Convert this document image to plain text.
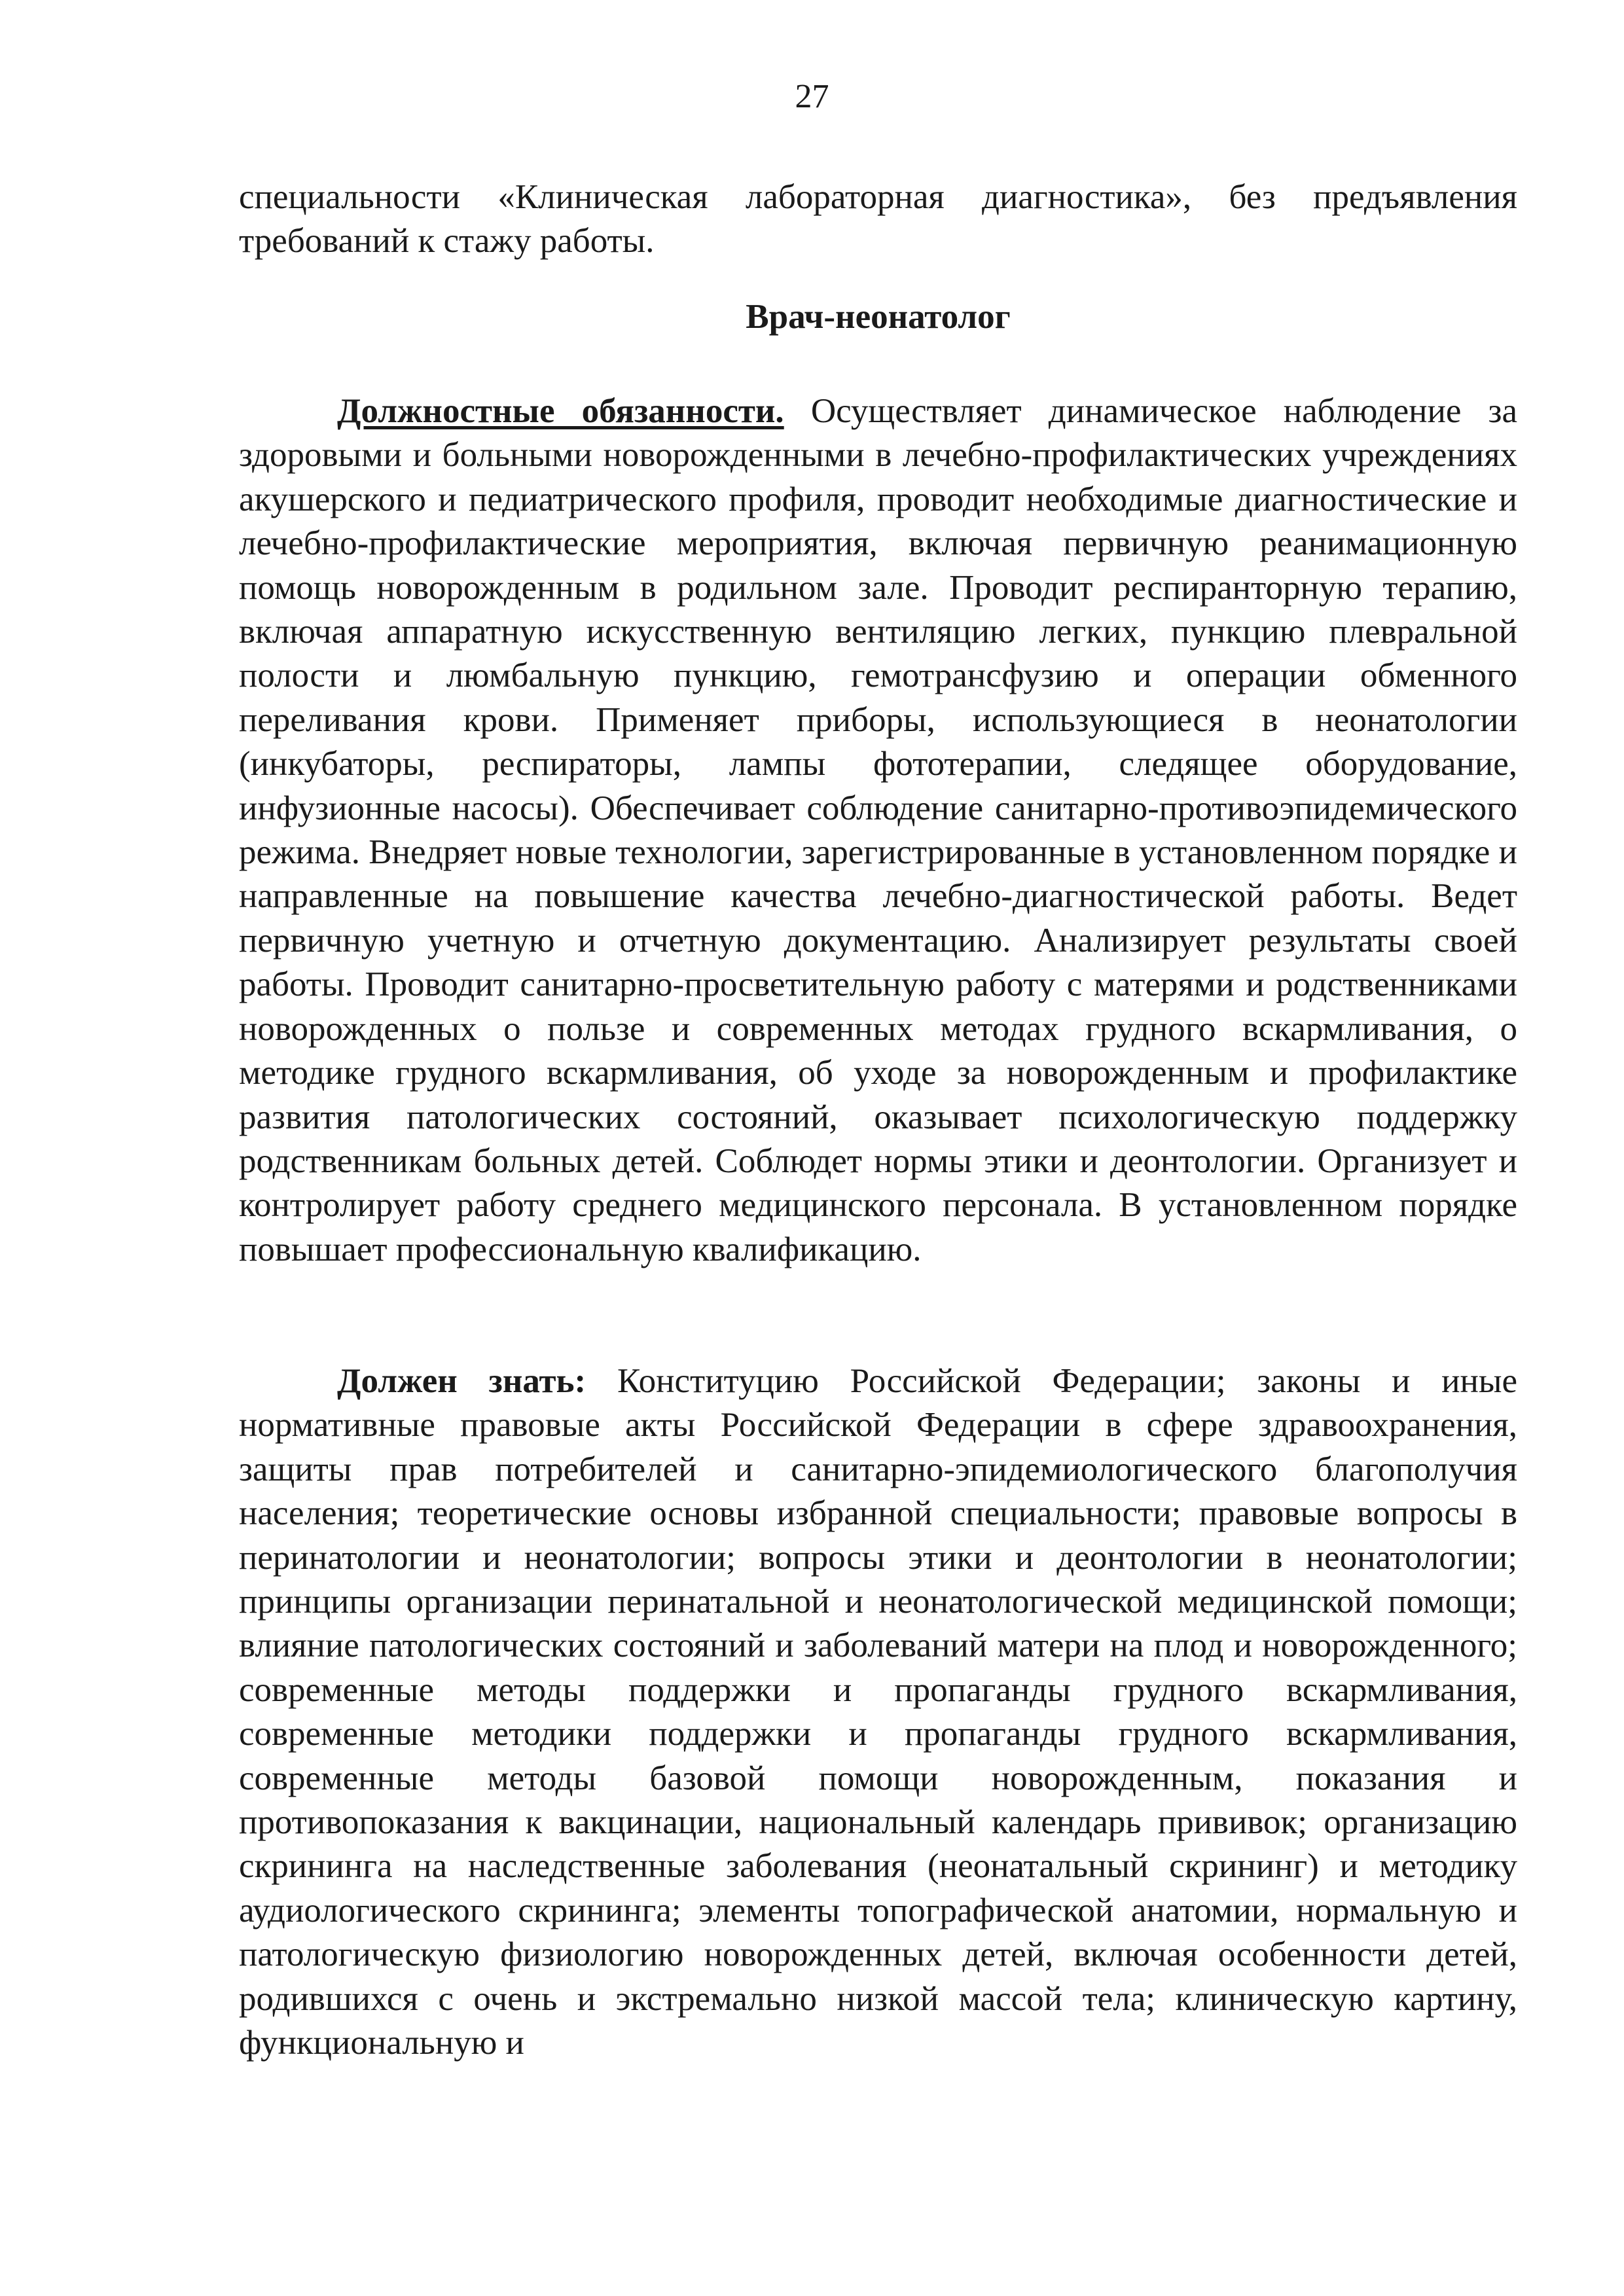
27

специальности «Клиническая лабораторная диагностика», без предъявления требований к стажу работы.

Врач-неонатолог

Должностные обязанности. Осуществляет динамическое наблюдение за здоровыми и больными новорожденными в лечебно-профилактических учреждениях акушерского и педиатрического профиля, проводит необходимые диагностические и лечебно-профилактические мероприятия, включая первичную реанимационную помощь новорожденным в родильном зале. Проводит респиранторную терапию, включая аппаратную искусственную вентиляцию легких, пункцию плевральной полости и люмбальную пункцию, гемотрансфузию и операции обменного переливания крови. Применяет приборы, использующиеся в неонатологии (инкубаторы, респираторы, лампы фототерапии, следящее оборудование, инфузионные насосы). Обеспечивает соблюдение санитарно-противоэпидемического режима. Внедряет новые технологии, зарегистрированные в установленном порядке и направленные на повышение качества лечебно-диагностической работы. Ведет первичную учетную и отчетную документацию. Анализирует результаты своей работы. Проводит санитарно-просветительную работу с матерями и родственниками новорожденных о пользе и современных методах грудного вскармливания, о методике грудного вскармливания, об уходе за новорожденным и профилактике развития патологических состояний, оказывает психологическую поддержку родственникам больных детей. Соблюдет нормы этики и деонтологии. Организует и контролирует работу среднего медицинского персонала. В установленном порядке повышает профессиональную квалификацию.

Должен знать: Конституцию Российской Федерации; законы и иные нормативные правовые акты Российской Федерации в сфере здравоохранения, защиты прав потребителей и санитарно-эпидемиологического благополучия населения; теоретические основы избранной специальности; правовые вопросы в перинатологии и неонатологии; вопросы этики и деонтологии в неонатологии; принципы организации перинатальной и неонатологической медицинской помощи; влияние патологических состояний и заболеваний матери на плод и новорожденного; современные методы поддержки и пропаганды грудного вскармливания, современные методики поддержки и пропаганды грудного вскармливания, современные методы базовой помощи новорожденным, показания и противопоказания к вакцинации, национальный календарь прививок; организацию скрининга на наследственные заболевания (неонатальный скрининг) и методику аудиологического скрининга; элементы топографической анатомии, нормальную и патологическую физиологию новорожденных детей, включая особенности детей, родившихся с очень и экстремально низкой массой тела; клиническую картину, функциональную и
